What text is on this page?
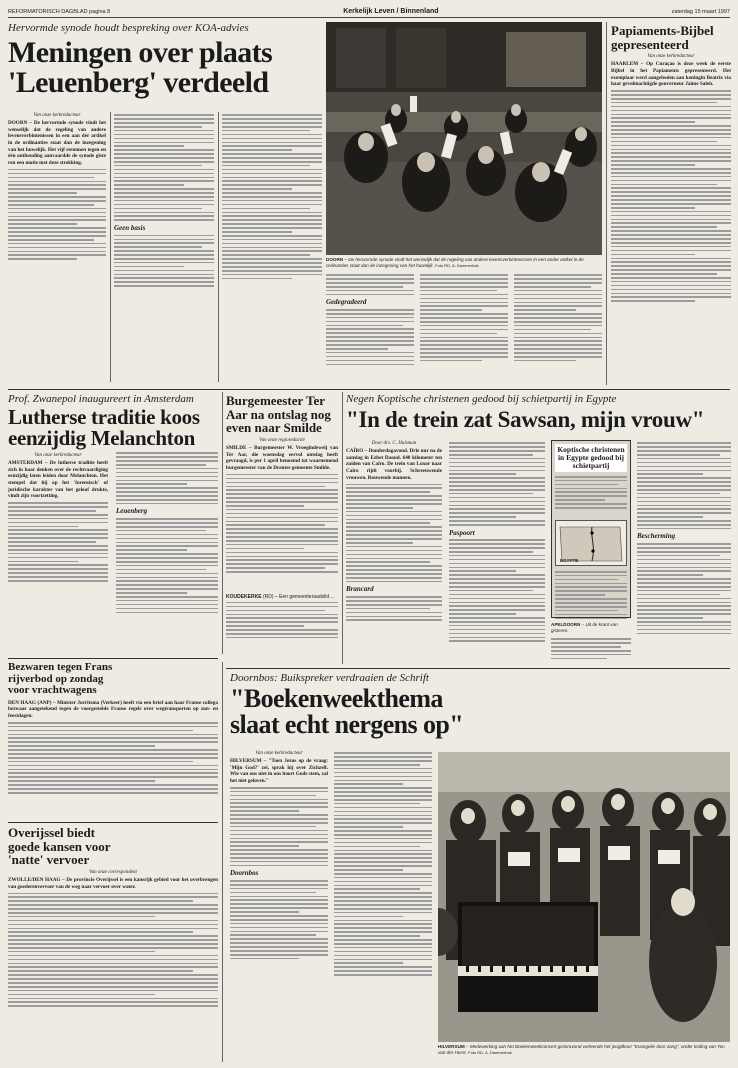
REFORMATORISCH DAGBLAD pagina 8	Kerkelijk Leven / Binnenland	zaterdag 15 maart 1997
Hervormde synode houdt bespreking over KOA-advies
Meningen over plaats
'Leuenberg' verdeeld
Van onze kerkredacteur
DOORN – De hervormde synode vindt het wenselijk dat de regeling van andere levensverbintenissen in een aan der artikel in de ordinanties staat dan de inzegening van het huwelijk. Het vijf stemmen tegen en één onthouding aanvaardde de synode giste ren een motie met deze strekking.
Geen basis
DOORN – De hervormde synode vindt het wenselijk dat de regeling van andere levensverbintenissen in een ander artikel in de ordinanties staat dan de inzegening van het huwelijk. Foto RD, A. Dammerhak
Gedegradeerd
Papiaments-Bijbel gepresenteerd
Van onze kerkredacteur
HAARLEM – Op Curaçao is deze week de eerste Bijbel in het Papiaments gepresenteerd. Het exemplaar werd aangeboden aan koningin Beatrix via haar gevolmachtigde gouverneur Jaime Saleh.
Prof. Zwanepol inaugureert in Amsterdam
Lutherse traditie koos
eenzijdig Melanchton
Van onze kerkredacteur
AMSTERDAM – De lutherse traditie heeft zich in haar denken over de rechtvaardiging eenzijdig laten leiden door Melanchton. Het stempel dat hij op het 'forensisch' of juridische karakter van het geloof drukte, vindt zijn voortzetting.
Leuenberg
Burgemeester Ter
Aar na ontslag nog
even naar Smilde
Van onze regioredactie
SMILDE – Burgemeester W. Vroegindeweij van Ter Aar, die woensdag eervol ontslag heeft gevraagd, is per 1 april benoemd tot waarnemend burgemeester van de Drentse gemeente Smilde.
KOUDEKERKE (RD) – Een gemeenteraadslid ...
Negen Koptische christenen gedood bij schietpartij in Egypte
"In de trein zat Sawsan, mijn vrouw"
Door drs. C. Hulsman
CAÏRO – Donderdagavond. Drie uur na de aanslag in Ezbet Daoud. 640 kilometer ten zuiden van Caïro. De trein van Luxor naar Caïro rijdt voorbij. Schreeuwende vrouwen. Rouwende mannen.
Brancard
Paspoort
Koptische christenen in Egypte gedood bij schietpartij
EGYPTE
APELDOORN – Uit de krant van gisteren.
Bescherming
Bezwaren tegen Frans
rijverbod op zondag
voor vrachtwagens
DEN HAAG (ANP) – Minister Jorritsma (Verkeer) heeft via een brief aan haar Franse collega bezwaar aangetekend tegen de voorgestelde Franse regels over wegtransporten op zon- en feestdagen.
Overijssel biedt
goede kansen voor
'natte' vervoer
Van onze correspondent
ZWOLLE/DEN HAAG – De provincie Overijssel is een kansrijk gebied voor het overbrengen van goederenvervoer van de weg naar vervoer over water.
Doornbos: Buikspreker verdraaien de Schrift
"Boekenweekthema
slaat echt nergens op"
Van onze kerkredacteur
HILVERSUM – "Toen Jezus op de vraag: 'Mijn God?' zei, sprak hij over Zichzelf. Wie van ons niet in ons hoort Gods stem, zal het niet geloven."
Doornbos
HILVERSUM – Medewerking aan het Boekenweekconcert gisteravond verleende het jeugdkoor "Evangelie door zang", onder leiding van Ton van der Horst. Foto RD, A. Dammerhak
